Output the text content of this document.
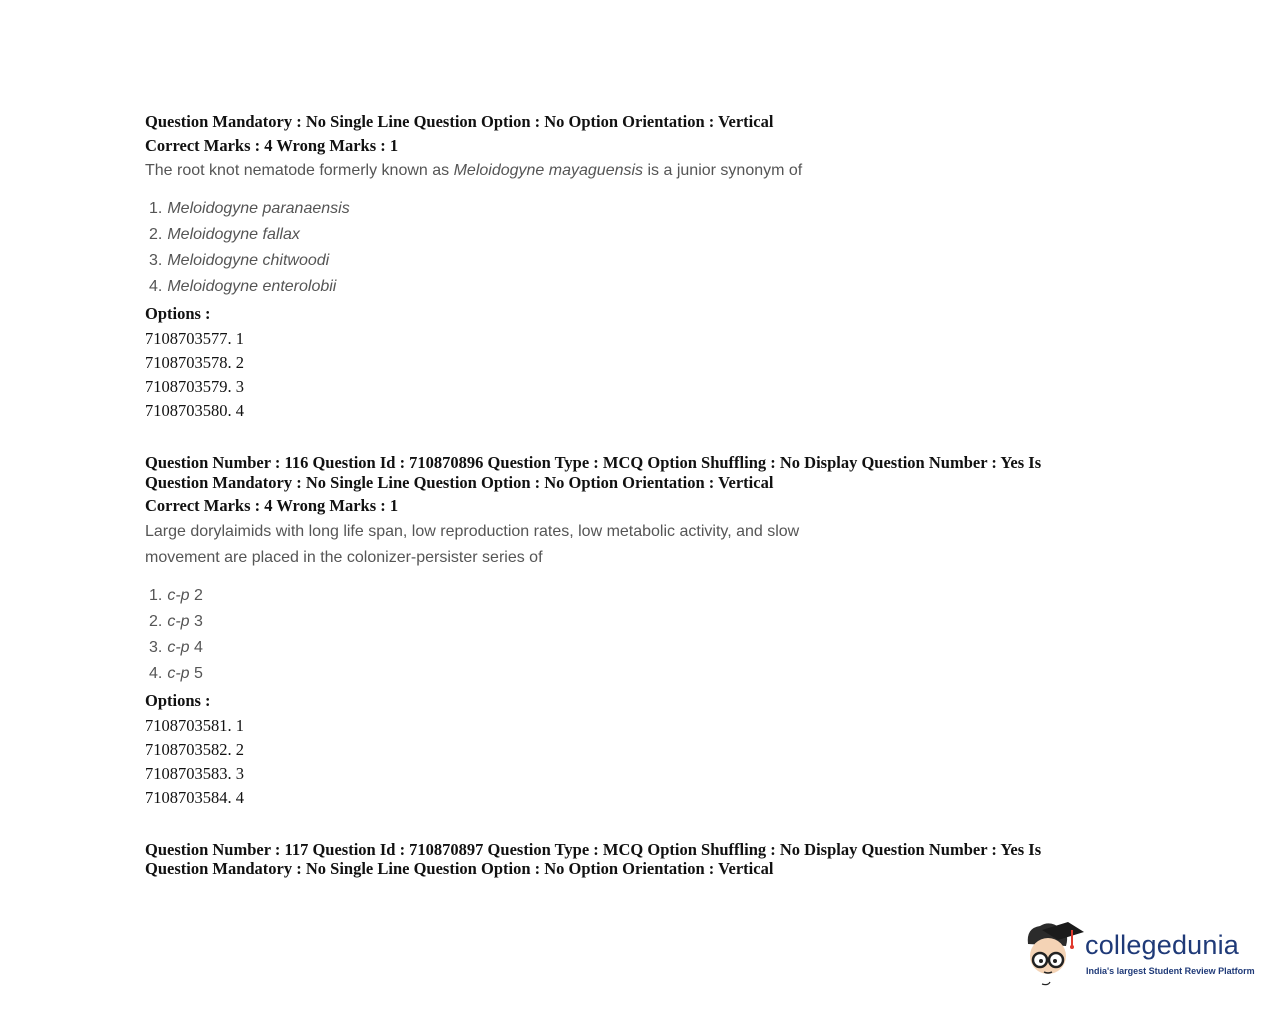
Question Mandatory : No Single Line Question Option : No Option Orientation : Vertical

Correct Marks : 4 Wrong Marks : 1

The root knot nematode formerly known as Meloidogyne mayaguensis is a junior synonym of

1. Meloidogyne paranaensis
2. Meloidogyne fallax
3. Meloidogyne chitwoodi
4. Meloidogyne enterolobii

Options :

7108703577. 1
7108703578. 2
7108703579. 3
7108703580. 4

Question Number : 116 Question Id : 710870896 Question Type : MCQ Option Shuffling : No Display Question Number : Yes Is

Question Mandatory : No Single Line Question Option : No Option Orientation : Vertical

Correct Marks : 4 Wrong Marks : 1

Large dorylaimids with long life span, low reproduction rates, low metabolic activity, and slow
movement are placed in the colonizer-persister series of

1. c-p 2
2. c-p 3
3. c-p 4
4. c-p 5

Options :

7108703581. 1
7108703582. 2
7108703583. 3
7108703584. 4

Question Number : 117 Question Id : 710870897 Question Type : MCQ Option Shuffling : No Display Question Number : Yes Is

Question Mandatory : No Single Line Question Option : No Option Orientation : Vertical

collegedunia
India's largest Student Review Platform
